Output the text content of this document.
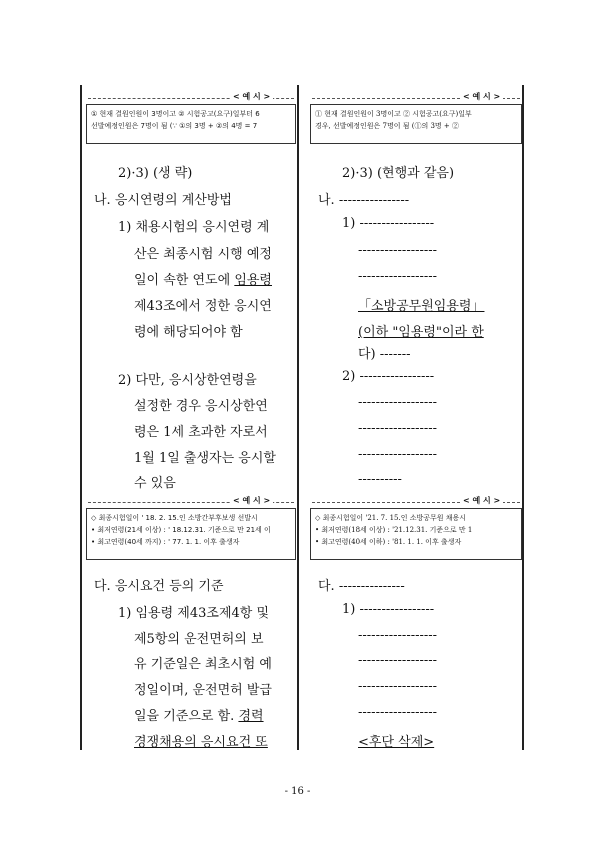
< 예 시 >
① 현재 결원인원이 3명이고 ② 시험공고(요구)일부터 6
선발예정인원은 7명이 됨 (∵ ①의 3명 + ②의 4명 = 7
< 예 시 >
① 현재 결원인원이 3명이고 ② 시험공고(요구)일부
경우, 선발예정인원은 7명이 됨 (①의 3명 + ②
2)·3) (생 략)
나. 응시연령의 계산방법
1) 채용시험의 응시연령 계
산은 최종시험 시행 예정
일이 속한 연도에 임용령
제43조에서 정한 응시연
령에 해당되어야 함
2) 다만, 응시상한연령을
설정한 경우 응시상한연
령은 1세 초과한 자로서
1월 1일 출생자는 응시할
수 있음
< 예 시 >
◇ 최종시험일이 ' 18. 2. 15.인 소방간부후보생 선발시
• 최저연령(21세 이상) : ' 18.12.31. 기준으로 만 21세 이
• 최고연령(40세 까지) : ' 77. 1. 1. 이후 출생자
다. 응시요건 등의 기준
1) 임용령 제43조제4항 및
제5항의 운전면허의 보
유 기준일은 최초시험 예
정일이며, 운전면허 발급
일을 기준으로 함. 경력
경쟁채용의 응시요건 또
2)·3) (현행과 같음)
나. ----------------
1) -----------------
------------------
------------------
「소방공무원임용령」
(이하 "임용령"이라 한
다) -------
2) -----------------
------------------
------------------
------------------
----------
< 예 시 >
◇ 최종시험일이 '21. 7. 15.인 소방공무원 채용시
• 최저연령(18세 이상) : '21.12.31. 기준으로 만 1
• 최고연령(40세 이하) : '81. 1. 1. 이후 출생자
다. ---------------
1) -----------------
------------------
------------------
------------------
------------------
<후단 삭제>
- 16 -
